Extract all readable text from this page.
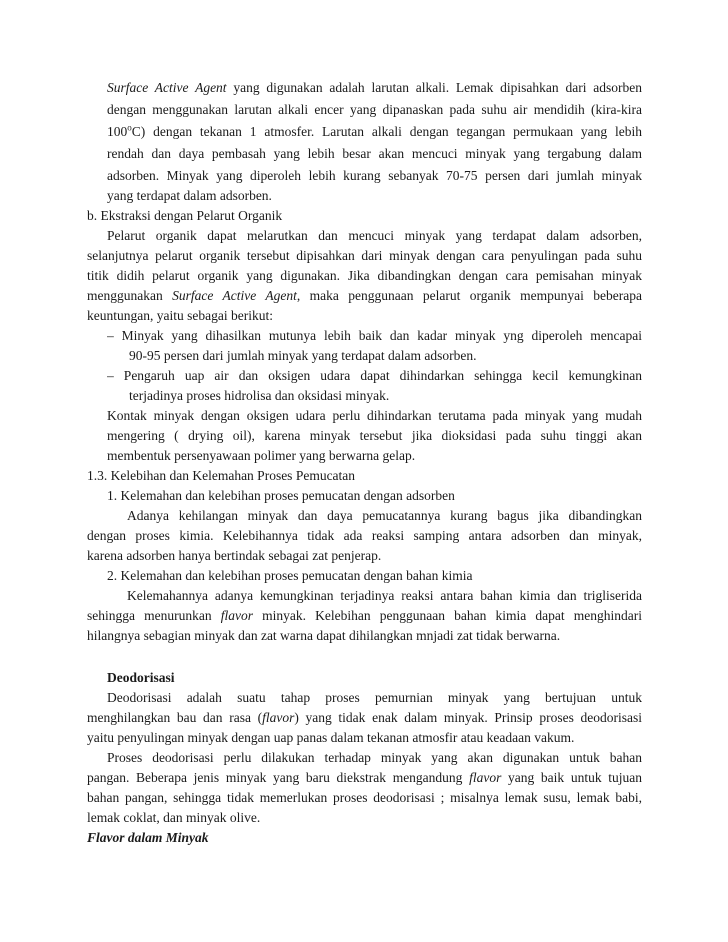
Surface Active Agent yang digunakan adalah larutan alkali. Lemak dipisahkan dari adsorben
dengan menggunakan larutan alkali encer yang dipanaskan pada suhu air mendidih (kira-kira
100$^o$C) dengan tekanan 1 atmosfer. Larutan alkali dengan tegangan permukaan yang lebih
rendah dan daya pembasah yang lebih besar akan mencuci minyak yang tergabung dalam
adsorben. Minyak yang diperoleh lebih kurang sebanyak 70-75 persen dari jumlah minyak
yang terdapat dalam adsorben.
b. Ekstraksi dengan Pelarut Organik
Pelarut organik dapat melarutkan dan mencuci minyak yang terdapat dalam adsorben,
selanjutnya pelarut organik tersebut dipisahkan dari minyak dengan cara penyulingan pada suhu
titik didih pelarut organik yang digunakan. Jika dibandingkan dengan cara pemisahan minyak
menggunakan Surface Active Agent, maka penggunaan pelarut organik mempunyai beberapa
keuntungan, yaitu sebagai berikut:
– Minyak yang dihasilkan mutunya lebih baik dan kadar minyak yng diperoleh mencapai
90-95 persen dari jumlah minyak yang terdapat dalam adsorben.
– Pengaruh uap air dan oksigen udara dapat dihindarkan sehingga kecil kemungkinan
terjadinya proses hidrolisa dan oksidasi minyak.
Kontak minyak dengan oksigen udara perlu dihindarkan terutama pada minyak yang mudah
mengering ( drying oil), karena minyak tersebut jika dioksidasi pada suhu tinggi akan
membentuk persenyawaan polimer yang berwarna gelap.
1.3. Kelebihan dan Kelemahan Proses Pemucatan
1. Kelemahan dan kelebihan proses pemucatan dengan adsorben
Adanya kehilangan minyak dan daya pemucatannya kurang bagus jika dibandingkan
dengan proses kimia. Kelebihannya tidak ada reaksi samping antara adsorben dan minyak,
karena adsorben hanya bertindak sebagai zat penjerap.
2. Kelemahan dan kelebihan proses pemucatan dengan bahan kimia
Kelemahannya adanya kemungkinan terjadinya reaksi antara bahan kimia dan trigliserida
sehingga menurunkan flavor minyak. Kelebihan penggunaan bahan kimia dapat menghindari
hilangnya sebagian minyak dan zat warna dapat dihilangkan mnjadi zat tidak berwarna.
Deodorisasi
Deodorisasi adalah suatu tahap proses pemurnian minyak yang bertujuan untuk
menghilangkan bau dan rasa (flavor) yang tidak enak dalam minyak. Prinsip proses deodorisasi
yaitu penyulingan minyak dengan uap panas dalam tekanan atmosfir atau keadaan vakum.
Proses deodorisasi perlu dilakukan terhadap minyak yang akan digunakan untuk bahan
pangan. Beberapa jenis minyak yang baru diekstrak mengandung flavor yang baik untuk tujuan
bahan pangan, sehingga tidak memerlukan proses deodorisasi ; misalnya lemak susu, lemak babi,
lemak coklat, dan minyak olive.
Flavor dalam Minyak
